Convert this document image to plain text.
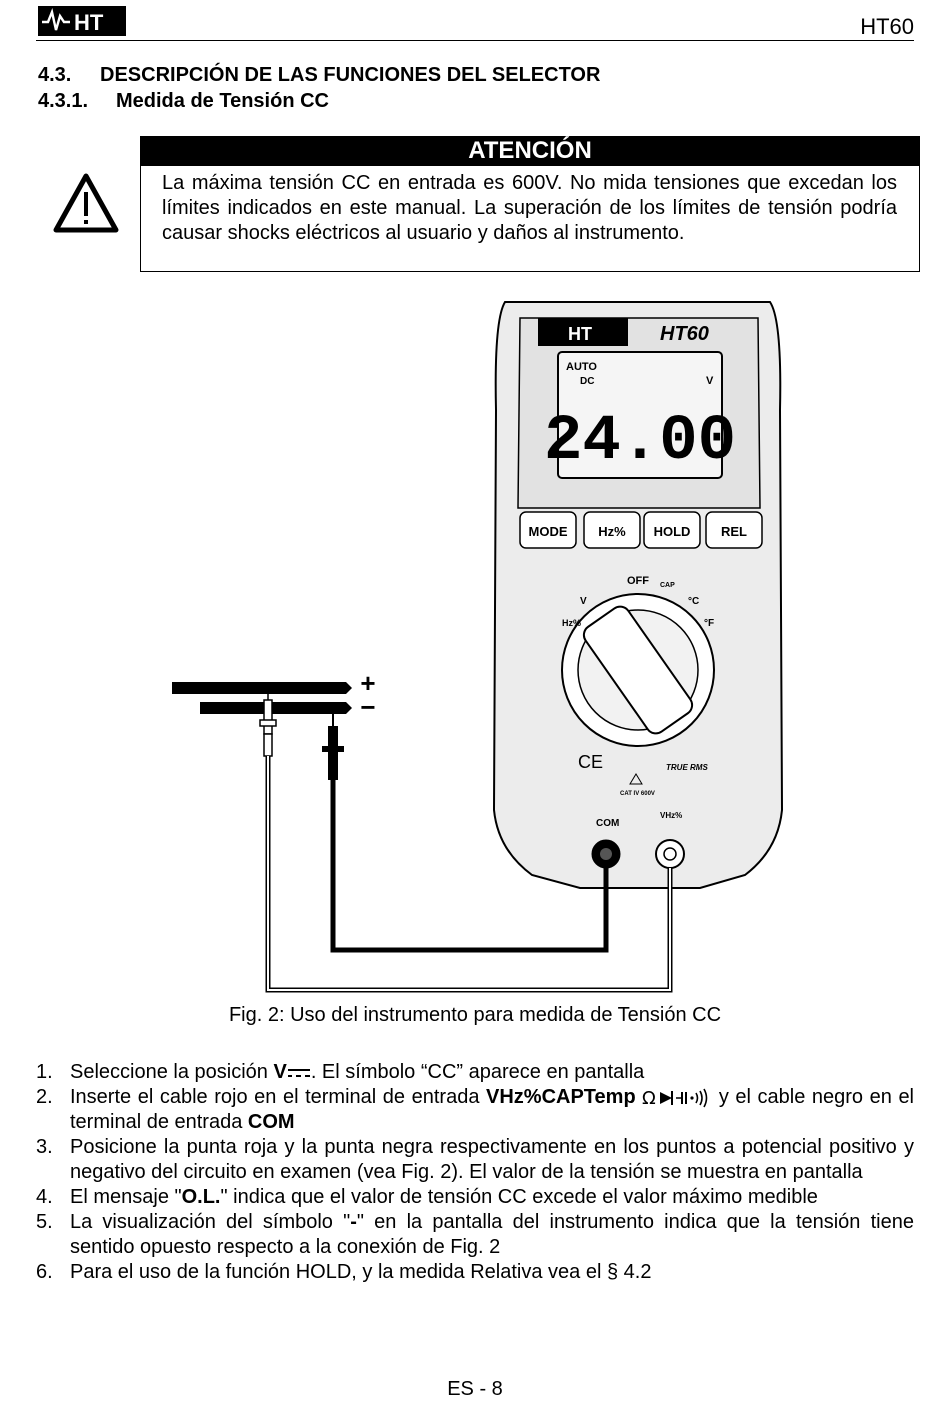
HT	HT60
4.3. DESCRIPCIÓN DE LAS FUNCIONES DEL SELECTOR
4.3.1. Medida de Tensión CC
ATENCIÓN
La máxima tensión CC en entrada es 600V. No mida tensiones que excedan los límites indicados en este manual. La superación de los límites de tensión podría causar shocks eléctricos al usuario y daños al instrumento.
HT	HT60
AUTO
DC	V
24.00
MODE Hz% HOLD REL
OFF
V
Hz%
°C
°F
CAP
CE	TRUE RMS
CAT IV 600V
COM
VHz%
+
−
Fig. 2: Uso del instrumento para medida de Tensión CC
1. Seleccione la posición V . El símbolo “CC” aparece en pantalla
2. Inserte el cable rojo en el terminal de entrada VHz%CAPTemp Ω	y el cable negro en el terminal de entrada COM
3. Posicione la punta roja y la punta negra respectivamente en los puntos a potencial positivo y negativo del circuito en examen (vea Fig. 2). El valor de la tensión se muestra en pantalla
4. El mensaje "O.L." indica que el valor de tensión CC excede el valor máximo medible
5. La visualización del símbolo "-" en la pantalla del instrumento indica que la tensión tiene sentido opuesto respecto a la conexión de Fig. 2
6. Para el uso de la función HOLD, y la medida Relativa vea el § 4.2
ES - 8
